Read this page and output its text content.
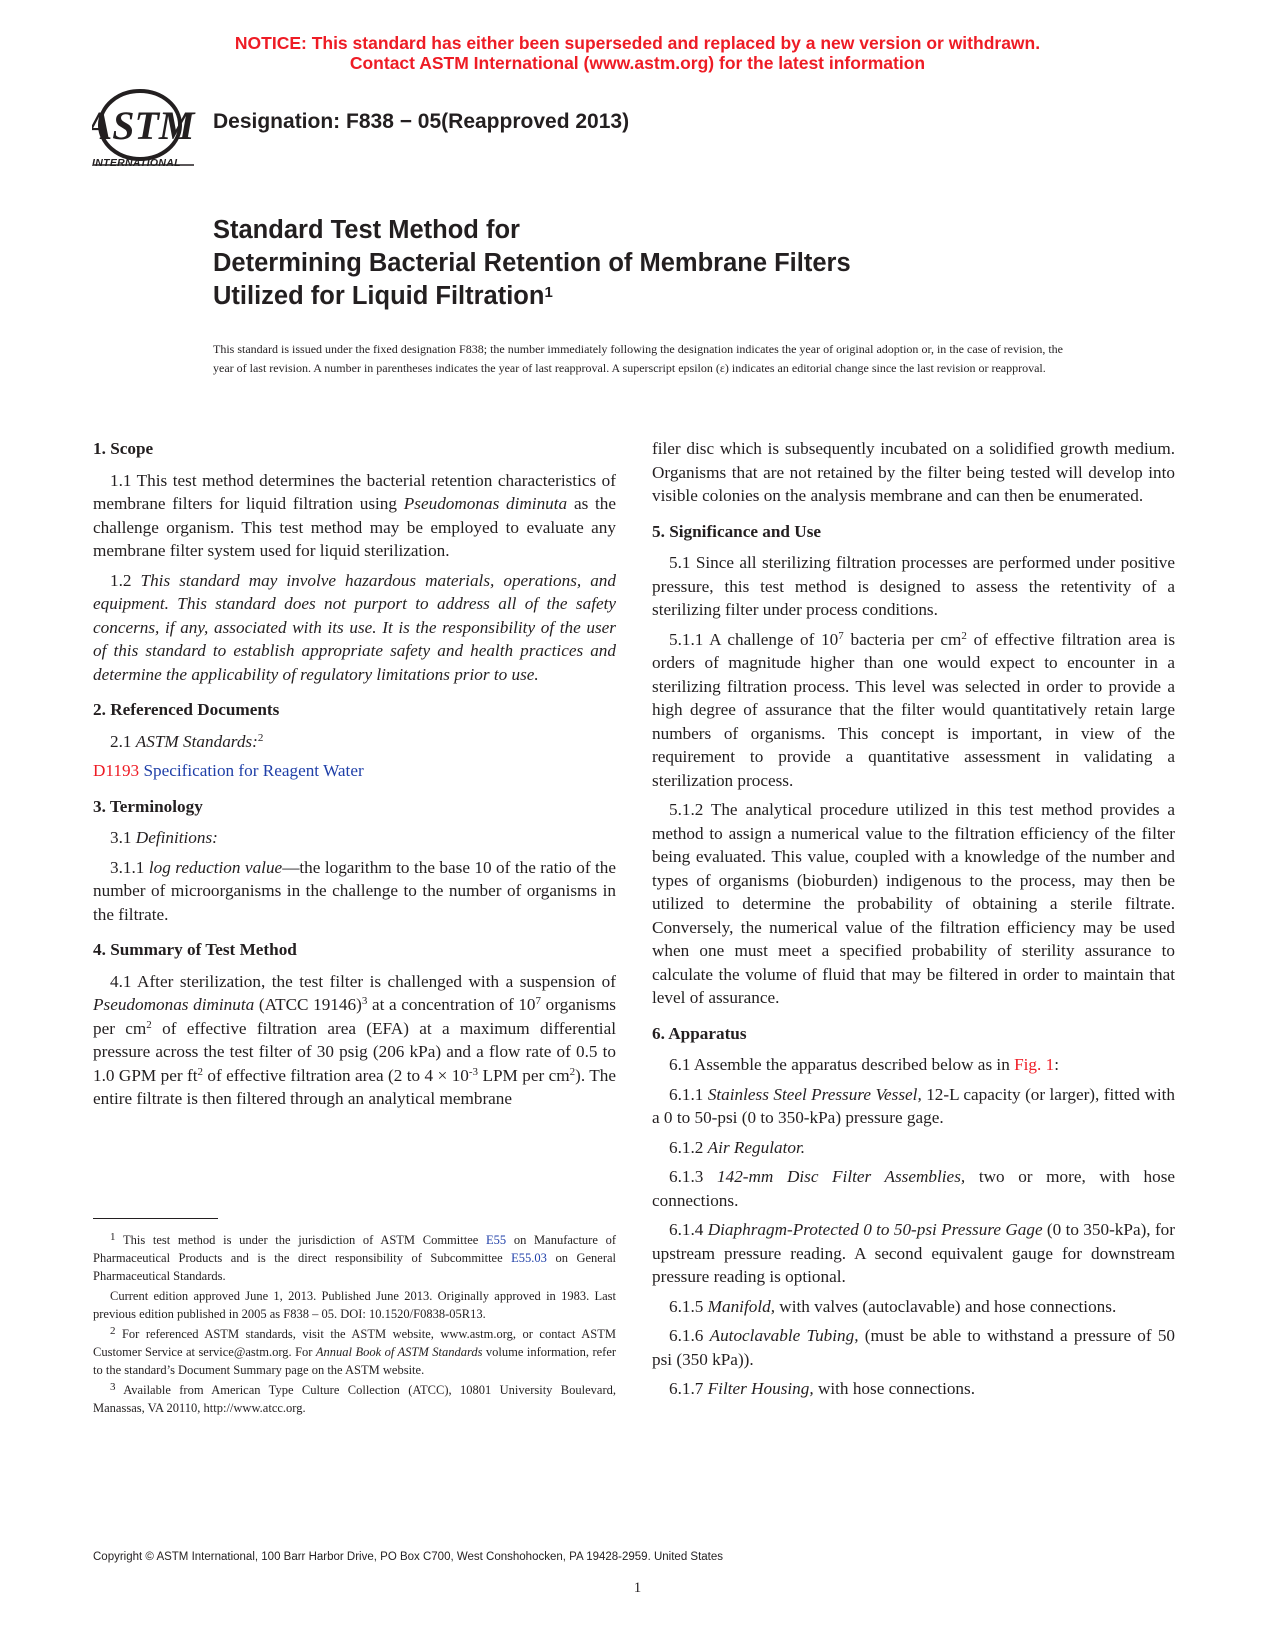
NOTICE: This standard has either been superseded and replaced by a new version or withdrawn.
Contact ASTM International (www.astm.org) for the latest information
ASTM
INTERNATIONAL
Designation: F838 − 05(Reapproved 2013)
Standard Test Method for
Determining Bacterial Retention of Membrane Filters
Utilized for Liquid Filtration$^1$
This standard is issued under the fixed designation F838; the number immediately following the designation indicates the year of original adoption or, in the case of revision, the year of last revision. A number in parentheses indicates the year of last reapproval. A superscript epsilon (ε) indicates an editorial change since the last revision or reapproval.
1. Scope
1.1 This test method determines the bacterial retention characteristics of membrane filters for liquid filtration using Pseudomonas diminuta as the challenge organism. This test method may be employed to evaluate any membrane filter system used for liquid sterilization.
1.2 This standard may involve hazardous materials, operations, and equipment. This standard does not purport to address all of the safety concerns, if any, associated with its use. It is the responsibility of the user of this standard to establish appropriate safety and health practices and determine the applicability of regulatory limitations prior to use.
2. Referenced Documents
2.1 ASTM Standards:$^2$
D1193 Specification for Reagent Water
3. Terminology
3.1 Definitions:
3.1.1 log reduction value—the logarithm to the base 10 of the ratio of the number of microorganisms in the challenge to the number of organisms in the filtrate.
4. Summary of Test Method
4.1 After sterilization, the test filter is challenged with a suspension of Pseudomonas diminuta (ATCC 19146)$^3$ at a concentration of $10^7$ organisms per $cm^2$ of effective filtration area (EFA) at a maximum differential pressure across the test filter of 30 psig (206 kPa) and a flow rate of 0.5 to 1.0 GPM per $ft^2$ of effective filtration area (2 to $4 \times 10^{-3}$ LPM per $cm^2$). The entire filtrate is then filtered through an analytical membrane
$^1$ This test method is under the jurisdiction of ASTM Committee E55 on Manufacture of Pharmaceutical Products and is the direct responsibility of Subcommittee E55.03 on General Pharmaceutical Standards.
Current edition approved June 1, 2013. Published June 2013. Originally approved in 1983. Last previous edition published in 2005 as F838 – 05. DOI: 10.1520/F0838-05R13.
$^2$ For referenced ASTM standards, visit the ASTM website, www.astm.org, or contact ASTM Customer Service at service@astm.org. For Annual Book of ASTM Standards volume information, refer to the standard’s Document Summary page on the ASTM website.
$^3$ Available from American Type Culture Collection (ATCC), 10801 University Boulevard, Manassas, VA 20110, http://www.atcc.org.
filer disc which is subsequently incubated on a solidified growth medium. Organisms that are not retained by the filter being tested will develop into visible colonies on the analysis membrane and can then be enumerated.
5. Significance and Use
5.1 Since all sterilizing filtration processes are performed under positive pressure, this test method is designed to assess the retentivity of a sterilizing filter under process conditions.
5.1.1 A challenge of $10^7$ bacteria per $cm^2$ of effective filtration area is orders of magnitude higher than one would expect to encounter in a sterilizing filtration process. This level was selected in order to provide a high degree of assurance that the filter would quantitatively retain large numbers of organisms. This concept is important, in view of the requirement to provide a quantitative assessment in validating a sterilization process.
5.1.2 The analytical procedure utilized in this test method provides a method to assign a numerical value to the filtration efficiency of the filter being evaluated. This value, coupled with a knowledge of the number and types of organisms (bioburden) indigenous to the process, may then be utilized to determine the probability of obtaining a sterile filtrate. Conversely, the numerical value of the filtration efficiency may be used when one must meet a specified probability of sterility assurance to calculate the volume of fluid that may be filtered in order to maintain that level of assurance.
6. Apparatus
6.1 Assemble the apparatus described below as in Fig. 1:
6.1.1 Stainless Steel Pressure Vessel, 12-L capacity (or larger), fitted with a 0 to 50-psi (0 to 350-kPa) pressure gage.
6.1.2 Air Regulator.
6.1.3 142-mm Disc Filter Assemblies, two or more, with hose connections.
6.1.4 Diaphragm-Protected 0 to 50-psi Pressure Gage (0 to 350-kPa), for upstream pressure reading. A second equivalent gauge for downstream pressure reading is optional.
6.1.5 Manifold, with valves (autoclavable) and hose connections.
6.1.6 Autoclavable Tubing, (must be able to withstand a pressure of 50 psi (350 kPa)).
6.1.7 Filter Housing, with hose connections.
Copyright © ASTM International, 100 Barr Harbor Drive, PO Box C700, West Conshohocken, PA 19428-2959. United States
1
